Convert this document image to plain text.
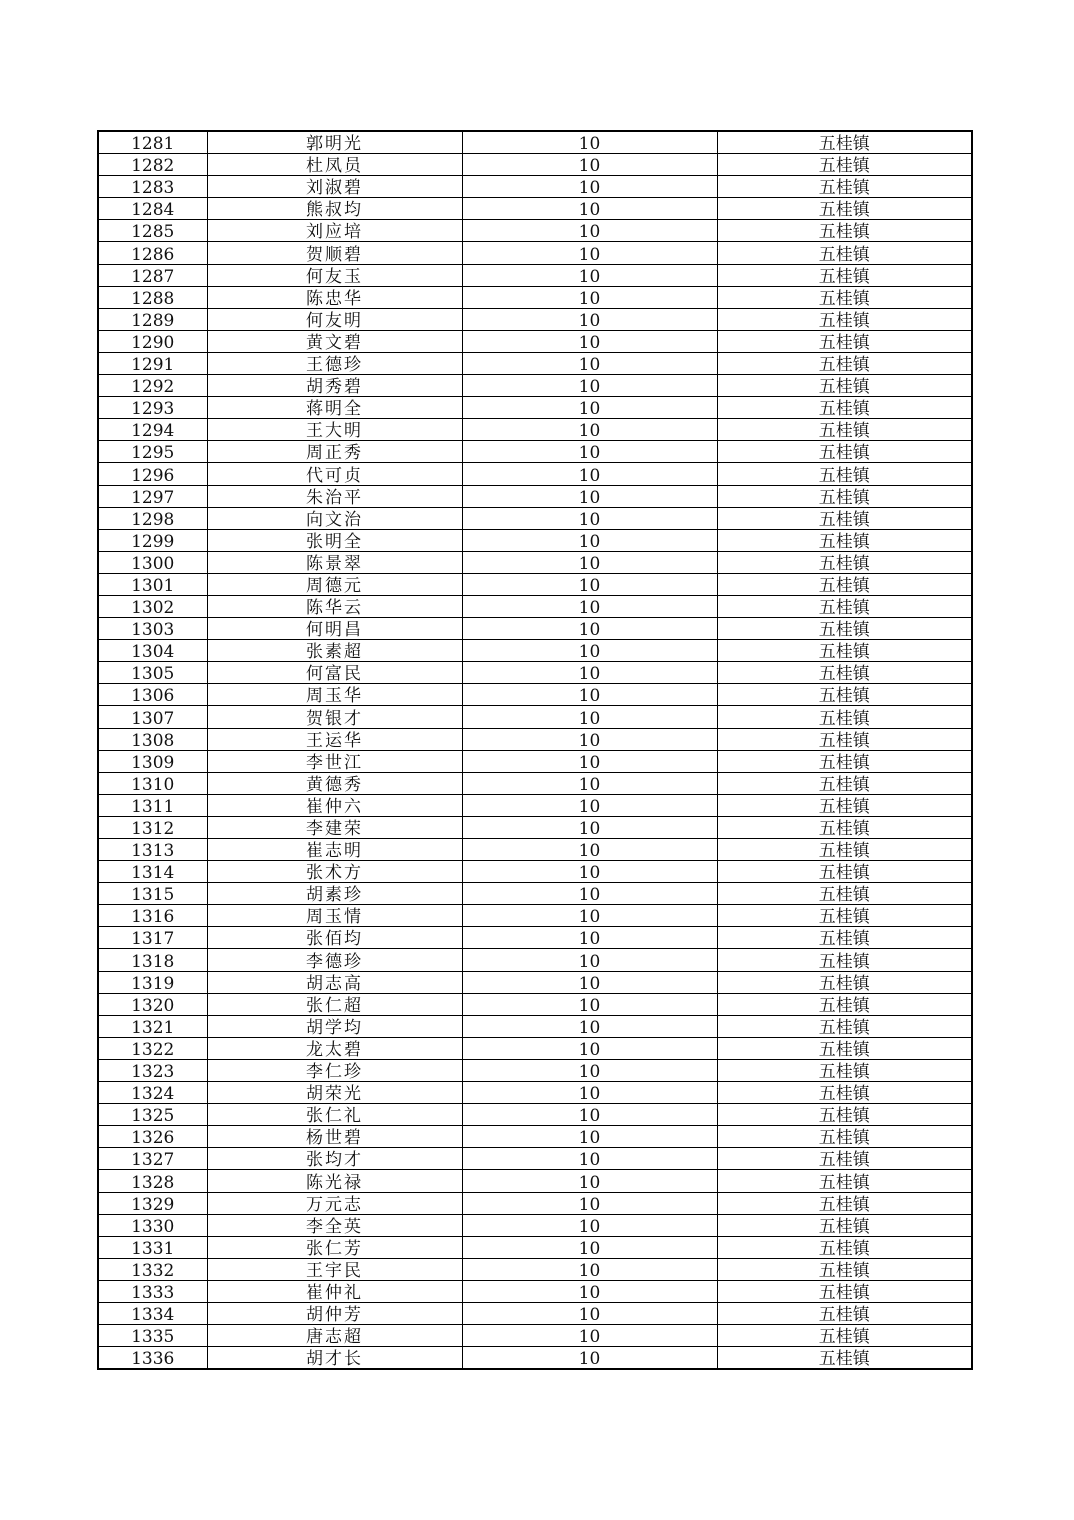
1281	郭明光	10	五桂镇
1282	杜凤员	10	五桂镇
1283	刘淑碧	10	五桂镇
1284	熊叔均	10	五桂镇
1285	刘应培	10	五桂镇
1286	贺顺碧	10	五桂镇
1287	何友玉	10	五桂镇
1288	陈忠华	10	五桂镇
1289	何友明	10	五桂镇
1290	黄文碧	10	五桂镇
1291	王德珍	10	五桂镇
1292	胡秀碧	10	五桂镇
1293	蒋明全	10	五桂镇
1294	王大明	10	五桂镇
1295	周正秀	10	五桂镇
1296	代可贞	10	五桂镇
1297	朱治平	10	五桂镇
1298	向文治	10	五桂镇
1299	张明全	10	五桂镇
1300	陈景翠	10	五桂镇
1301	周德元	10	五桂镇
1302	陈华云	10	五桂镇
1303	何明昌	10	五桂镇
1304	张素超	10	五桂镇
1305	何富民	10	五桂镇
1306	周玉华	10	五桂镇
1307	贺银才	10	五桂镇
1308	王运华	10	五桂镇
1309	李世江	10	五桂镇
1310	黄德秀	10	五桂镇
1311	崔仲六	10	五桂镇
1312	李建荣	10	五桂镇
1313	崔志明	10	五桂镇
1314	张术方	10	五桂镇
1315	胡素珍	10	五桂镇
1316	周玉情	10	五桂镇
1317	张佰均	10	五桂镇
1318	李德珍	10	五桂镇
1319	胡志高	10	五桂镇
1320	张仁超	10	五桂镇
1321	胡学均	10	五桂镇
1322	龙太碧	10	五桂镇
1323	李仁珍	10	五桂镇
1324	胡荣光	10	五桂镇
1325	张仁礼	10	五桂镇
1326	杨世碧	10	五桂镇
1327	张均才	10	五桂镇
1328	陈光禄	10	五桂镇
1329	万元志	10	五桂镇
1330	李全英	10	五桂镇
1331	张仁芳	10	五桂镇
1332	王宇民	10	五桂镇
1333	崔仲礼	10	五桂镇
1334	胡仲芳	10	五桂镇
1335	唐志超	10	五桂镇
1336	胡才长	10	五桂镇
